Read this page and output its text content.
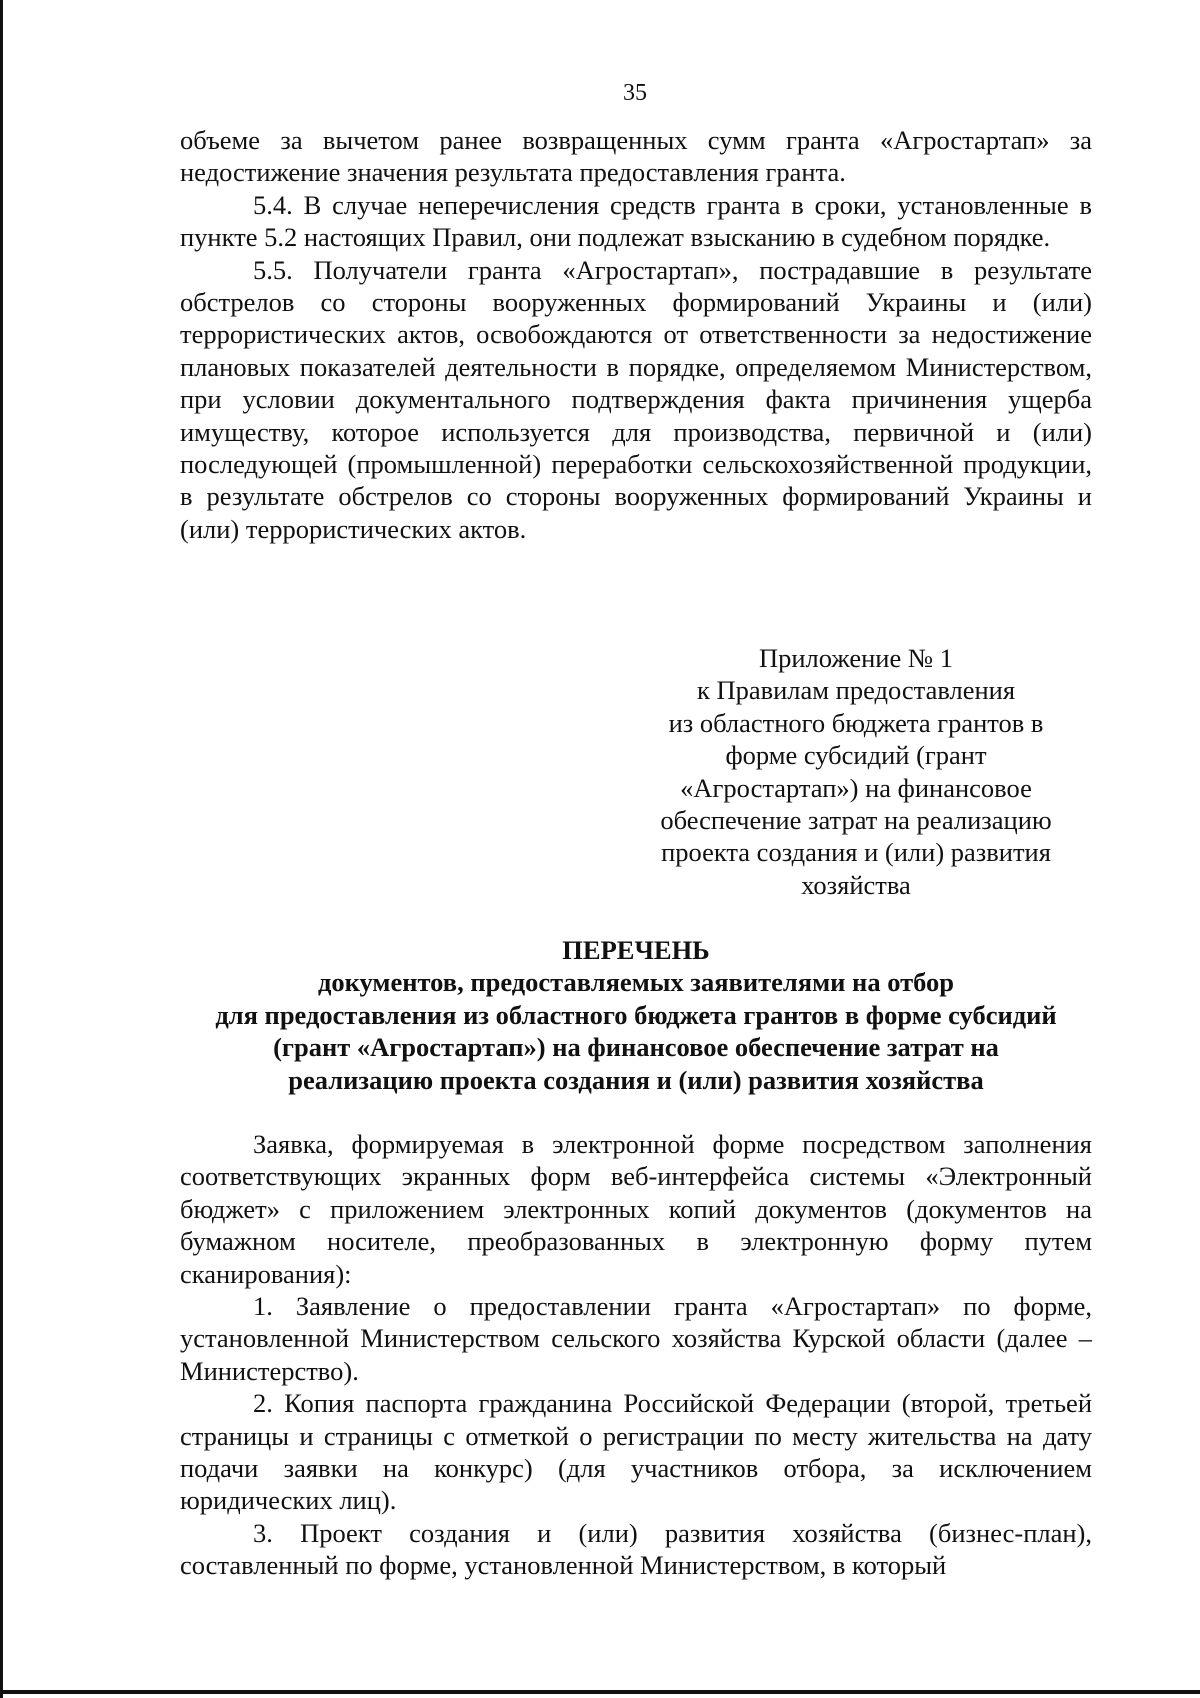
35

объеме за вычетом ранее возвращенных сумм гранта «Агростартап» за недостижение значения результата предоставления гранта.

5.4. В случае неперечисления средств гранта в сроки, установленные в пункте 5.2 настоящих Правил, они подлежат взысканию в судебном порядке.

5.5. Получатели гранта «Агростартап», пострадавшие в результате обстрелов со стороны вооруженных формирований Украины и (или) террористических актов, освобождаются от ответственности за недостижение плановых показателей деятельности в порядке, определяемом Министерством, при условии документального подтверждения факта причинения ущерба имуществу, которое используется для производства, первичной и (или) последующей (промышленной) переработки сельскохозяйственной продукции, в результате обстрелов со стороны вооруженных формирований Украины и (или) террористических актов.

Приложение № 1
к Правилам предоставления
из областного бюджета грантов в
форме субсидий (грант
«Агростартап») на финансовое
обеспечение затрат на реализацию
проекта создания и (или) развития
хозяйства
ПЕРЕЧЕНЬ
документов, предоставляемых заявителями на отбор
для предоставления из областного бюджета грантов в форме субсидий
(грант «Агростартап») на финансовое обеспечение затрат на
реализацию проекта создания и (или) развития хозяйства

Заявка, формируемая в электронной форме посредством заполнения соответствующих экранных форм веб-интерфейса системы «Электронный бюджет» с приложением электронных копий документов (документов на бумажном носителе, преобразованных в электронную форму путем сканирования):

1. Заявление о предоставлении гранта «Агростартап» по форме, установленной Министерством сельского хозяйства Курской области (далее – Министерство).

2. Копия паспорта гражданина Российской Федерации (второй, третьей страницы и страницы с отметкой о регистрации по месту жительства на дату подачи заявки на конкурс) (для участников отбора, за исключением юридических лиц).

3. Проект создания и (или) развития хозяйства (бизнес-план), составленный по форме, установленной Министерством, в который
